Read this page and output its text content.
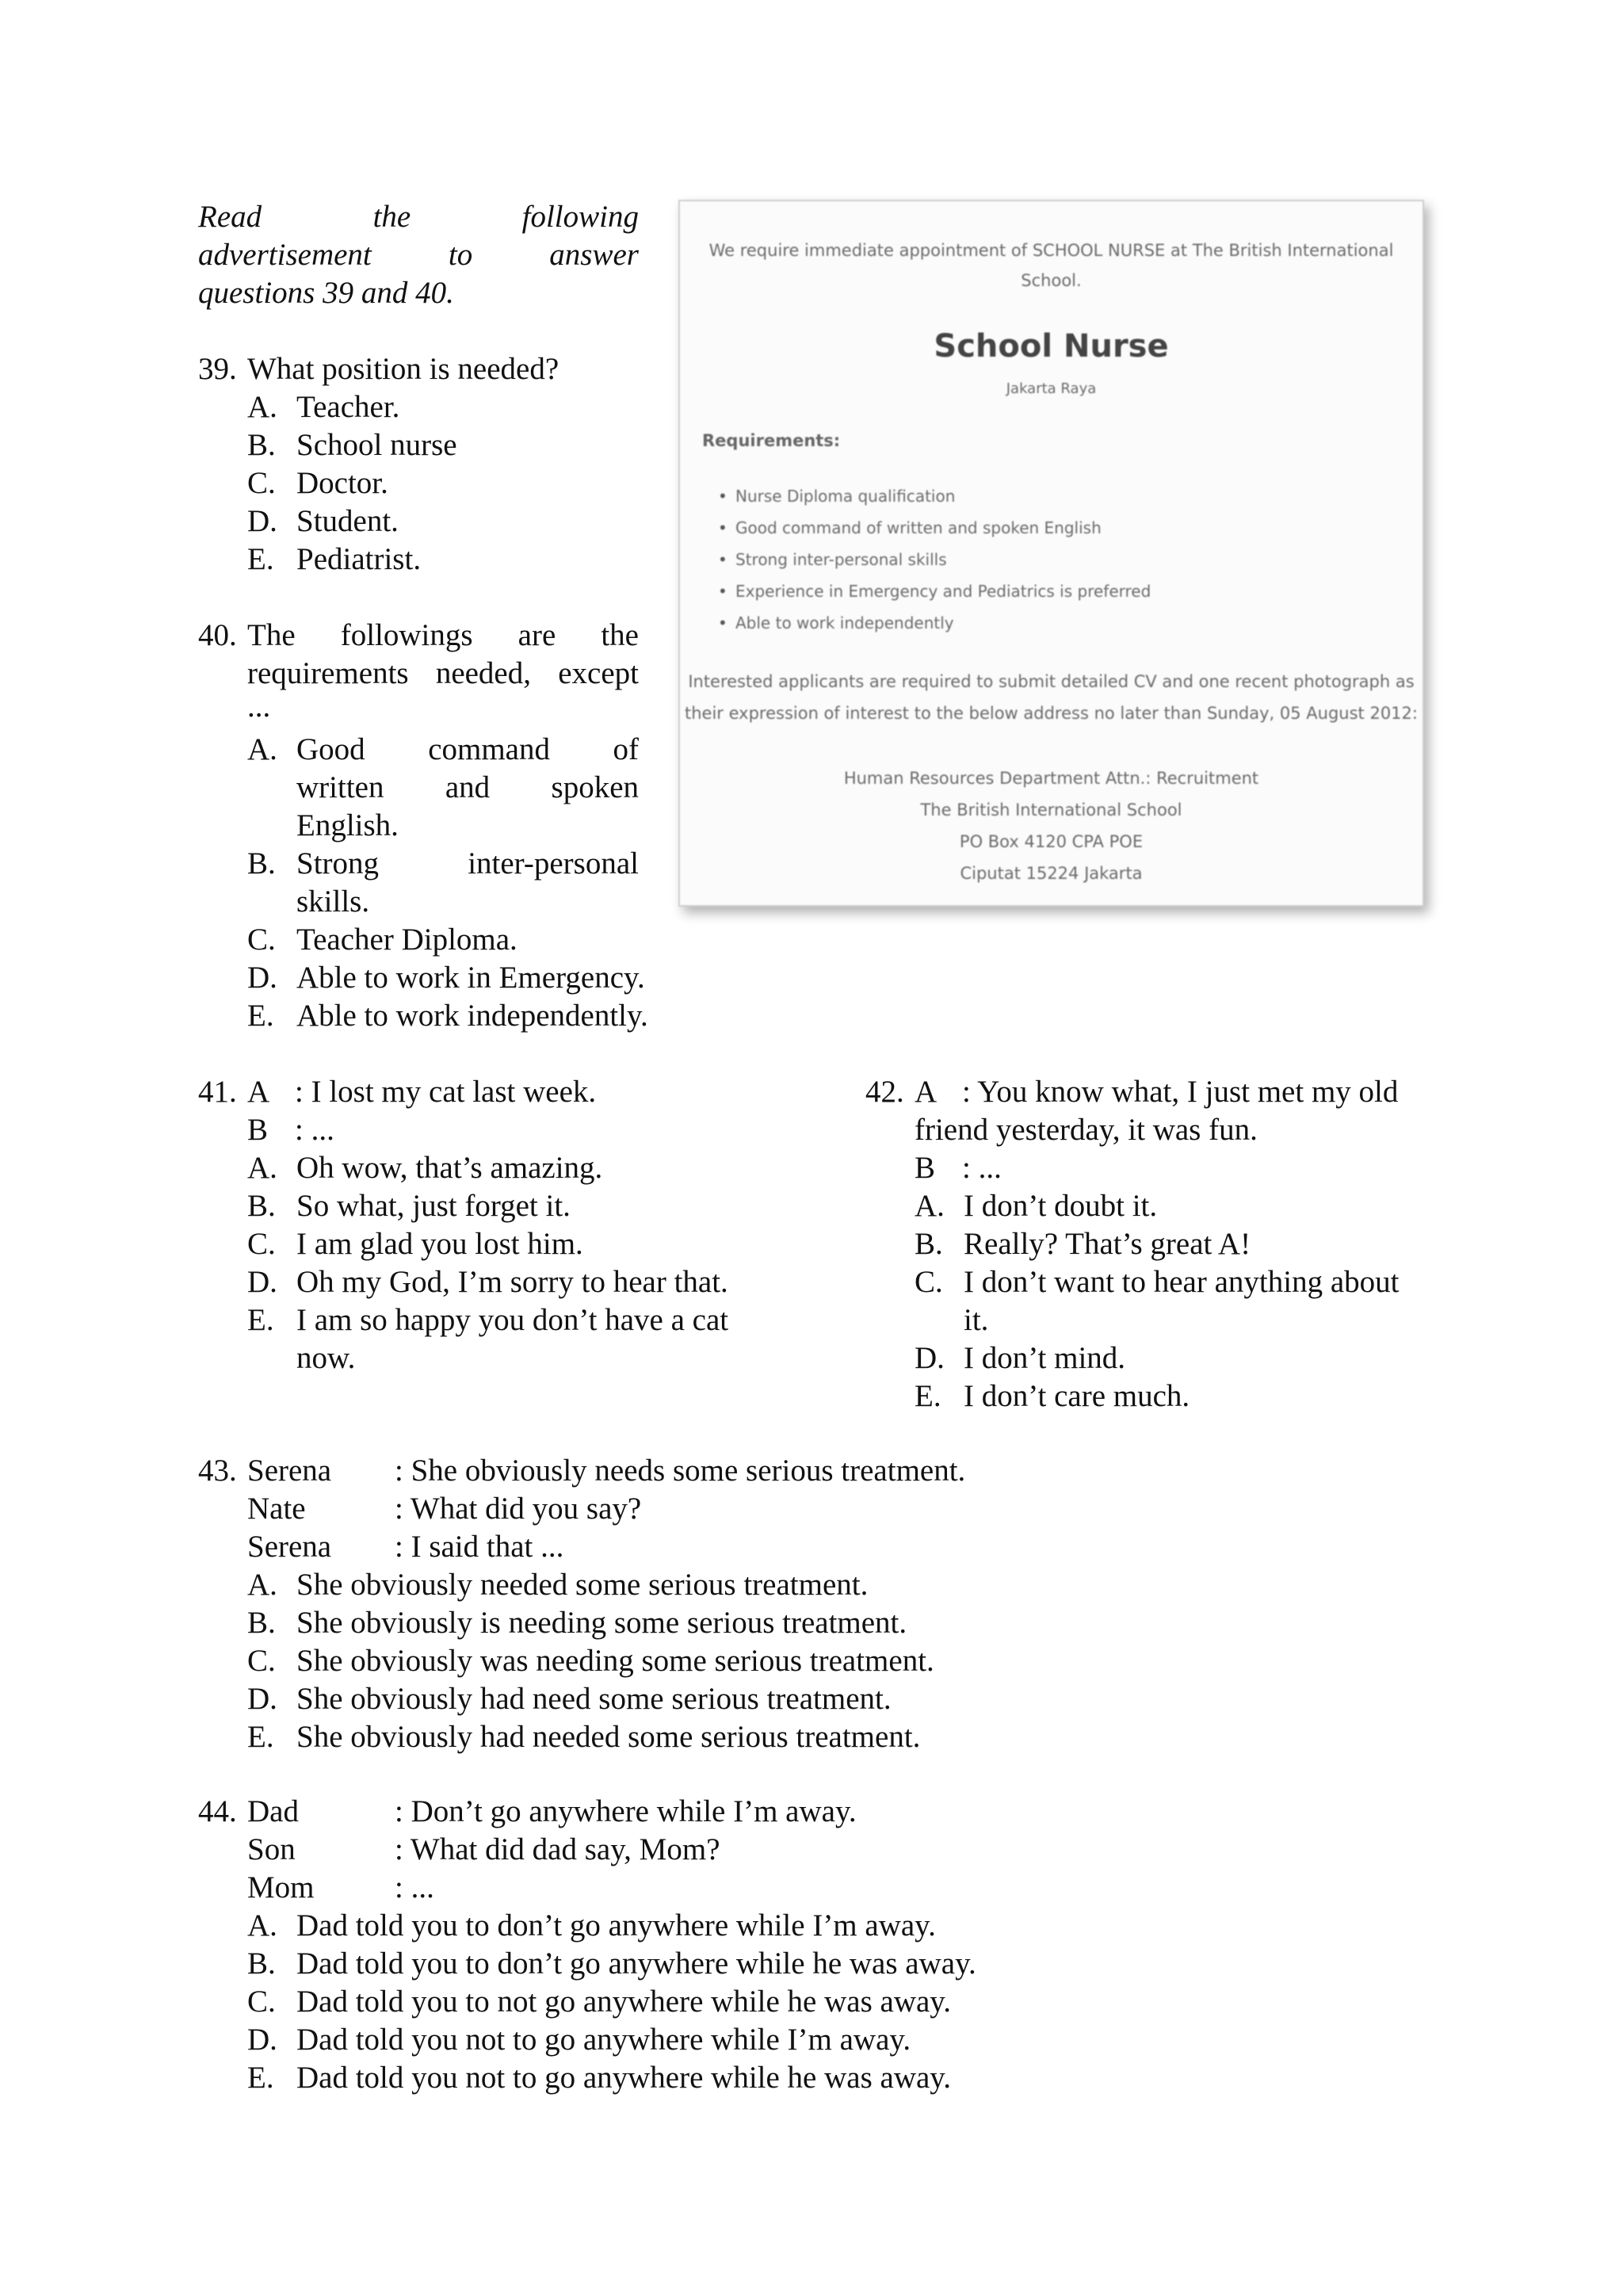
Read	the	following
advertisement to answer
questions 39 and 40.
We require immediate appointment of SCHOOL NURSE at The British International
School.
School Nurse
Jakarta Raya
Requirements:
• Nurse Diploma qualification
• Good command of written and spoken English
• Strong inter-personal skills
• Experience in Emergency and Pediatrics is preferred
• Able to work independently
Interested applicants are required to submit detailed CV and one recent photograph as
their expression of interest to the below address no later than Sunday, 05 August 2012:
Human Resources Department Attn.: Recruitment
The British International School
PO Box 4120 CPA POE
Ciputat 15224 Jakarta
39. What position is needed?
A. Teacher.
B. School nurse
C. Doctor.
D. Student.
E. Pediatrist.
40. The followings are the
requirements needed, except
...
A. Good command of
written and spoken
English.
B. Strong inter-personal
skills.
C. Teacher Diploma.
D. Able to work in Emergency.
E. Able to work independently.
41. A : I lost my cat last week.
B : ...
A. Oh wow, that’s amazing.
B. So what, just forget it.
C. I am glad you lost him.
D. Oh my God, I’m sorry to hear that.
E. I am so happy you don’t have a cat
now.
42. A : You know what, I just met my old
friend yesterday, it was fun.
B : ...
A. I don’t doubt it.
B. Really? That’s great A!
C. I don’t want to hear anything about
it.
D. I don’t mind.
E. I don’t care much.
43. Serena : She obviously needs some serious treatment.
Nate	: What did you say?
Serena : I said that ...
A. She obviously needed some serious treatment.
B. She obviously is needing some serious treatment.
C. She obviously was needing some serious treatment.
D. She obviously had need some serious treatment.
E. She obviously had needed some serious treatment.
44. Dad	: Don’t go anywhere while I’m away.
Son	: What did dad say, Mom?
Mom	: ...
A. Dad told you to don’t go anywhere while I’m away.
B. Dad told you to don’t go anywhere while he was away.
C. Dad told you to not go anywhere while he was away.
D. Dad told you not to go anywhere while I’m away.
E. Dad told you not to go anywhere while he was away.
